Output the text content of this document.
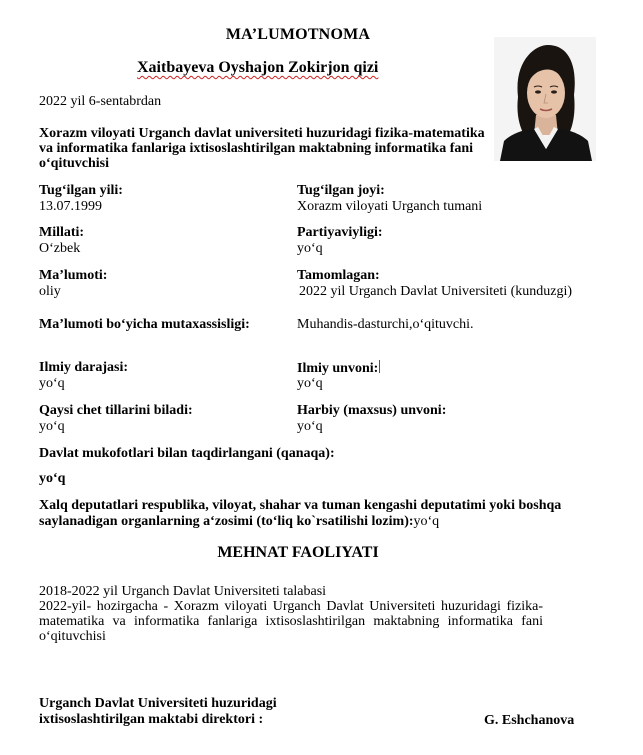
MA’LUMOTNOMA
Xaitbayeva Oyshajon Zokirjon qizi
2022 yil 6-sentabrdan
Xorazm viloyati Urganch davlat universiteti huzuridagi fizika-matematika va informatika fanlariga ixtisoslashtirilgan maktabning informatika fani o‘qituvchisi
Tug‘ilgan yili:
13.07.1999
Tug‘ilgan joyi:
Xorazm viloyati Urganch tumani
Millati:
O‘zbek
Partiyaviyligi:
yo‘q
Ma’lumoti:
oliy
Tamomlagan:
2022 yil Urganch Davlat Universiteti (kunduzgi)
Ma’lumoti bo‘yicha mutaxassisligi:	Muhandis-dasturchi,o‘qituvchi.
Ilmiy darajasi:
yo‘q
Ilmiy unvoni:
yo‘q
Qaysi chet tillarini biladi:
yo‘q
Harbiy (maxsus) unvoni:
yo‘q
Davlat mukofotlari bilan taqdirlangani (qanaqa):
yo‘q
Xalq deputatlari respublika, viloyat, shahar va tuman kengashi deputatimi yoki boshqa saylanadigan organlarning a‘zosimi (to‘liq ko`rsatilishi lozim):yo‘q
MEHNAT FAOLIYATI
2018-2022 yil Urganch Davlat Universiteti talabasi
2022-yil- hozirgacha - Xorazm viloyati Urganch Davlat Universiteti huzuridagi fizika-matematika va informatika fanlariga ixtisoslashtirilgan maktabning informatika fani o‘qituvchisi
Urganch Davlat Universiteti huzuridagi
ixtisoslashtirilgan maktabi direktori :	G. Eshchanova
